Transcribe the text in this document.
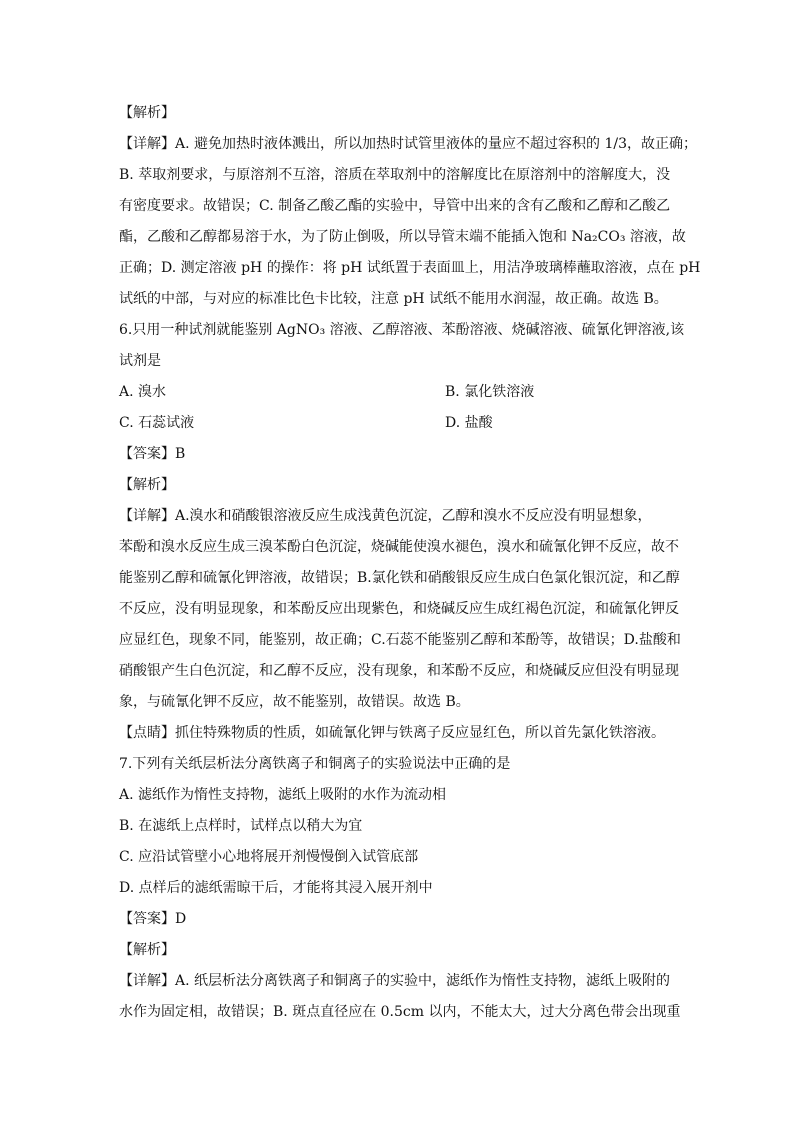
【解析】
【详解】A. 避免加热时液体溅出，所以加热时试管里液体的量应不超过容积的 1/3，故正确；
B. 萃取剂要求，与原溶剂不互溶，溶质在萃取剂中的溶解度比在原溶剂中的溶解度大，没
有密度要求。故错误；C. 制备乙酸乙酯的实验中，导管中出来的含有乙酸和乙醇和乙酸乙
酯，乙酸和乙醇都易溶于水，为了防止倒吸，所以导管末端不能插入饱和 Na₂CO₃ 溶液，故
正确；D. 测定溶液 pH 的操作：将 pH 试纸置于表面皿上，用洁净玻璃棒蘸取溶液，点在 pH
试纸的中部，与对应的标准比色卡比较，注意 pH 试纸不能用水润湿，故正确。故选 B。
6.只用一种试剂就能鉴别 AgNO₃ 溶液、乙醇溶液、苯酚溶液、烧碱溶液、硫氰化钾溶液,该
试剂是
A. 溴水	B. 氯化铁溶液
C. 石蕊试液	D. 盐酸
【答案】B
【解析】
【详解】A.溴水和硝酸银溶液反应生成浅黄色沉淀，乙醇和溴水不反应没有明显想象，
苯酚和溴水反应生成三溴苯酚白色沉淀，烧碱能使溴水褪色，溴水和硫氰化钾不反应，故不
能鉴别乙醇和硫氰化钾溶液，故错误；B.氯化铁和硝酸银反应生成白色氯化银沉淀，和乙醇
不反应，没有明显现象，和苯酚反应出现紫色，和烧碱反应生成红褐色沉淀，和硫氰化钾反
应显红色，现象不同，能鉴别，故正确；C.石蕊不能鉴别乙醇和苯酚等，故错误；D.盐酸和
硝酸银产生白色沉淀，和乙醇不反应，没有现象，和苯酚不反应，和烧碱反应但没有明显现
象，与硫氰化钾不反应，故不能鉴别，故错误。故选 B。
【点睛】抓住特殊物质的性质，如硫氰化钾与铁离子反应显红色，所以首先氯化铁溶液。
7.下列有关纸层析法分离铁离子和铜离子的实验说法中正确的是
A. 滤纸作为惰性支持物，滤纸上吸附的水作为流动相
B. 在滤纸上点样时，试样点以稍大为宜
C. 应沿试管壁小心地将展开剂慢慢倒入试管底部
D. 点样后的滤纸需晾干后，才能将其浸入展开剂中
【答案】D
【解析】
【详解】A. 纸层析法分离铁离子和铜离子的实验中，滤纸作为惰性支持物，滤纸上吸附的
水作为固定相，故错误；B. 斑点直径应在 0.5cm 以内，不能太大，过大分离色带会出现重
